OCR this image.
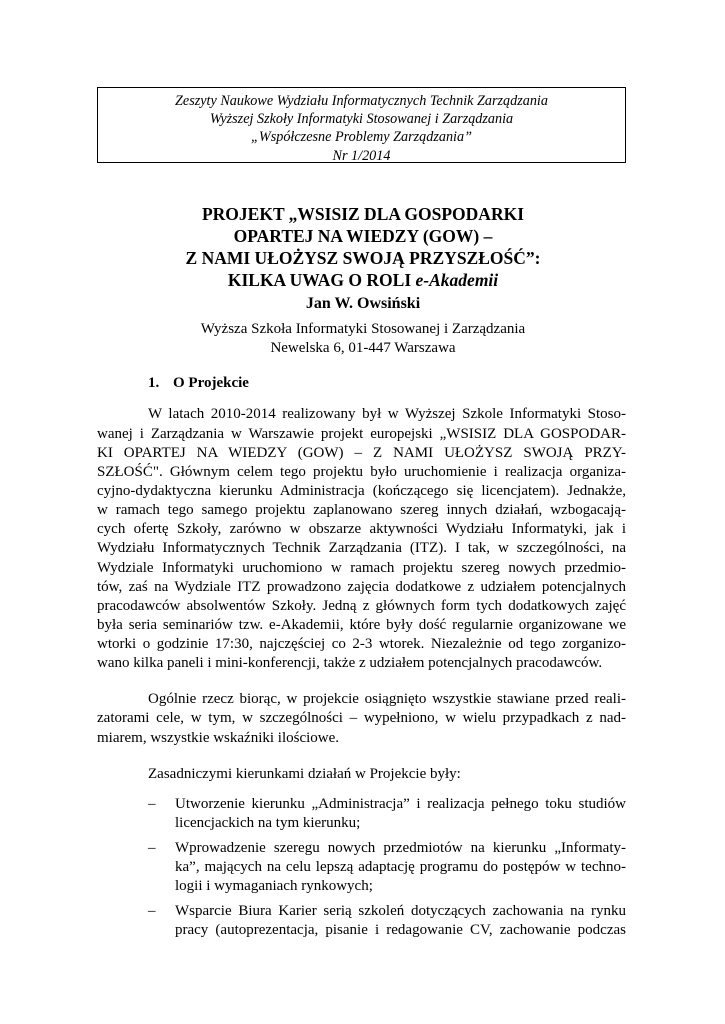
Zeszyty Naukowe Wydziału Informatycznych Technik Zarządzania
Wyższej Szkoły Informatyki Stosowanej i Zarządzania
„Współczesne Problemy Zarządzania”
Nr 1/2014
PROJEKT „WSISIZ DLA GOSPODARKI
OPARTEJ NA WIEDZY (GOW) –
Z NAMI UŁOŻYSZ SWOJĄ PRZYSZŁOŚĆ”:
KILKA UWAG O ROLI e-Akademii
Jan W. Owsiński
Wyższa Szkoła Informatyki Stosowanej i Zarządzania
Newelska 6, 01-447 Warszawa
1. O Projekcie
W latach 2010-2014 realizowany był w Wyższej Szkole Informatyki Stoso-
wanej i Zarządzania w Warszawie projekt europejski „WSISIZ DLA GOSPODAR-
KI OPARTEJ NA WIEDZY (GOW) – Z NAMI UŁOŻYSZ SWOJĄ PRZY-
SZŁOŚĆ". Głównym celem tego projektu było uruchomienie i realizacja organiza-
cyjno-dydaktyczna kierunku Administracja (kończącego się licencjatem). Jednakże,
w ramach tego samego projektu zaplanowano szereg innych działań, wzbogacają-
cych ofertę Szkoły, zarówno w obszarze aktywności Wydziału Informatyki, jak i
Wydziału Informatycznych Technik Zarządzania (ITZ). I tak, w szczególności, na
Wydziale Informatyki uruchomiono w ramach projektu szereg nowych przedmio-
tów, zaś na Wydziale ITZ prowadzono zajęcia dodatkowe z udziałem potencjalnych
pracodawców absolwentów Szkoły. Jedną z głównych form tych dodatkowych zajęć
była seria seminariów tzw. e-Akademii, które były dość regularnie organizowane we
wtorki o godzinie 17:30, najczęściej co 2-3 wtorek. Niezależnie od tego zorganizo-
wano kilka paneli i mini-konferencji, także z udziałem potencjalnych pracodawców.
Ogólnie rzecz biorąc, w projekcie osiągnięto wszystkie stawiane przed reali-
zatorami cele, w tym, w szczególności – wypełniono, w wielu przypadkach z nad-
miarem, wszystkie wskaźniki ilościowe.
Zasadniczymi kierunkami działań w Projekcie były:
–	Utworzenie kierunku „Administracja” i realizacja pełnego toku studiów
licencjackich na tym kierunku;
–	Wprowadzenie szeregu nowych przedmiotów na kierunku „Informaty-
ka”, mających na celu lepszą adaptację programu do postępów w techno-
logii i wymaganiach rynkowych;
–	Wsparcie Biura Karier serią szkoleń dotyczących zachowania na rynku
pracy (autoprezentacja, pisanie i redagowanie CV, zachowanie podczas
